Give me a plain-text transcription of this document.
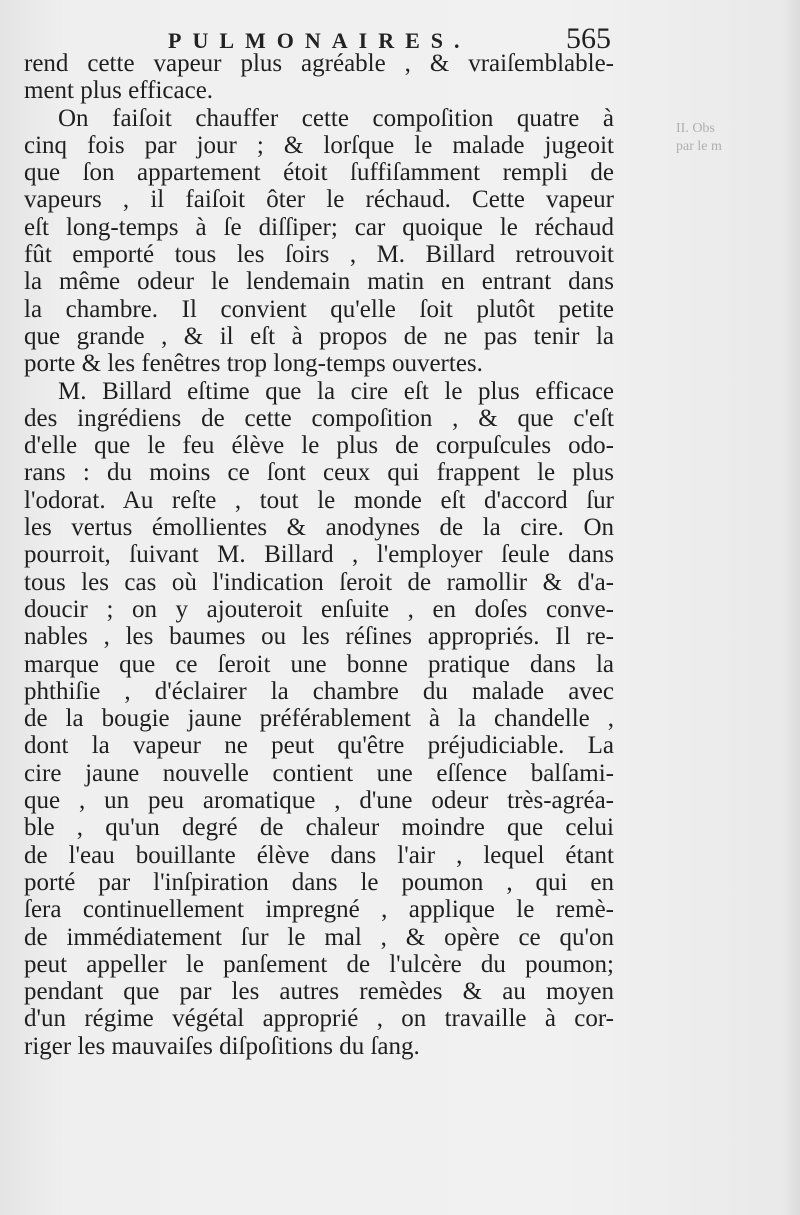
PULMONAIRES.	565
II. Obs
par le m
rend cette vapeur plus agréable , & vraiſemblable-
ment plus efficace.
On faiſoit chauffer cette compoſition quatre à
cinq fois par jour ; & lorſque le malade jugeoit
que ſon appartement étoit ſuffiſamment rempli de
vapeurs , il faiſoit ôter le réchaud. Cette vapeur
eſt long-temps à ſe diſſiper; car quoique le réchaud
fût emporté tous les ſoirs , M. Billard retrouvoit
la même odeur le lendemain matin en entrant dans
la chambre. Il convient qu'elle ſoit plutôt petite
que grande , & il eſt à propos de ne pas tenir la
porte & les fenêtres trop long-temps ouvertes.
M. Billard eſtime que la cire eſt le plus efficace
des ingrédiens de cette compoſition , & que c'eſt
d'elle que le feu élève le plus de corpuſcules odo-
rans : du moins ce ſont ceux qui frappent le plus
l'odorat. Au reſte , tout le monde eſt d'accord ſur
les vertus émollientes & anodynes de la cire. On
pourroit, ſuivant M. Billard , l'employer ſeule dans
tous les cas où l'indication ſeroit de ramollir & d'a-
doucir ; on y ajouteroit enſuite , en doſes conve-
nables , les baumes ou les réſines appropriés. Il re-
marque que ce ſeroit une bonne pratique dans la
phthiſie , d'éclairer la chambre du malade avec
de la bougie jaune préférablement à la chandelle ,
dont la vapeur ne peut qu'être préjudiciable. La
cire jaune nouvelle contient une eſſence balſami-
que , un peu aromatique , d'une odeur très-agréa-
ble , qu'un degré de chaleur moindre que celui
de l'eau bouillante élève dans l'air , lequel étant
porté par l'inſpiration dans le poumon , qui en
ſera continuellement impregné , applique le remè-
de immédiatement ſur le mal , & opère ce qu'on
peut appeller le panſement de l'ulcère du poumon;
pendant que par les autres remèdes & au moyen
d'un régime végétal approprié , on travaille à cor-
riger les mauvaiſes diſpoſitions du ſang.
